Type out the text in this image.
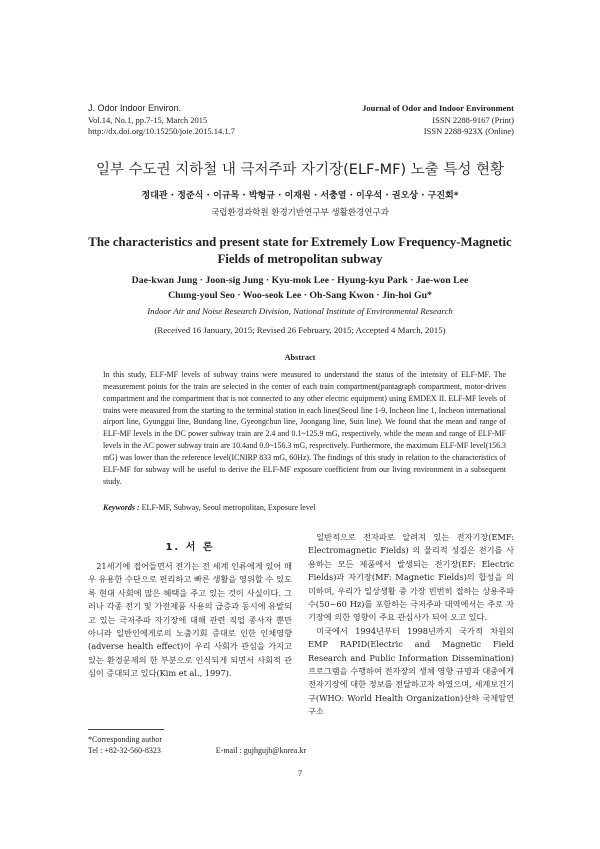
J. Odor Indoor Environ.
Vol.14, No.1, pp.7-15, March 2015
http://dx.doi.org/10.15250/joie.2015.14.1.7
Journal of Odor and Indoor Environment
ISSN 2288-9167 (Print)
ISSN 2288-923X (Online)
일부 수도권 지하철 내 극저주파 자기장(ELF-MF) 노출 특성 현황
정대관 · 정준식 · 이규목 · 박형규 · 이재원 · 서충열 · 이우석 · 권오상 · 구진회*
국립환경과학원 환경기반연구부 생활환경연구과
The characteristics and present state for Extremely Low Frequency-Magnetic
Fields of metropolitan subway
Dae-kwan Jung · Joon-sig Jung · Kyu-mok Lee · Hyung-kyu Park · Jae-won Lee
Chung-youl Seo · Woo-seok Lee · Oh-Sang Kwon · Jin-hoi Gu*
Indoor Air and Noise Research Division, National Institute of Environmental Research
(Received 16 January, 2015; Revised 26 February, 2015; Accepted 4 March, 2015)
Abstract
In this study, ELF-MF levels of subway trains were measured to understand the status of the intensity of ELF-MF. The measurement points for the train are selected in the center of each train compartment(pantagraph compartment, motor-driven compartment and the compartment that is not connected to any other electric equipment) using EMDEX II. ELF-MF levels of trains were measured from the starting to the terminal station in each lines(Seoul line 1-9, Incheon line 1, Incheon international airport line, Gyunggui line, Bundang line, Gyeongchun line, Joongang line, Suin line). We found that the mean and range of ELF-MF levels in the DC power subway train are 2.4 and 0.1~125.9 mG, respectively, while the mean and range of ELF-MF levels in the AC power subway train are 10.4and 0.0~156.3 mG, respectively. Furthermore, the maximum ELF-MF level(156.3 mG) was lower than the reference level(ICNIRP 833 mG, 60Hz). The findings of this study in relation to the characteristics of ELF-MF for subway will be useful to derive the ELF-MF exposure coefficient from our living environment in a subsequent study.
Keywords : ELF-MF, Subway, Seoul metropolitan, Exposure level
1. 서 론
21세기에 접어들면서 전기는 전 세계 인류에게 있어 매우 유용한 수단으로 편리하고 빠른 생활을 영위할 수 있도록 현대 사회에 많은 혜택을 주고 있는 것이 사실이다. 그러나 각종 전기 및 가전제품 사용의 급증과 동시에 유발되고 있는 극저주파 자기장에 대해 관련 직업 종사자 뿐만 아니라 일반인에게로의 노출기회 증대로 인한 인체영향(adverse health effect)이 우리 사회가 관심을 가지고 있는 환경문제의 한 부분으로 인식되게 되면서 사회적 관심이 증대되고 있다(Kim et al., 1997).
일반적으로 전자파로 알려져 있는 전자기장(EMF: Electromagnetic Fields) 의 물리적 성질은 전기를 사용하는 모든 제품에서 발생되는 전기장(EF: Electric Fields)과 자기장(MF: Magnetic Fields)의 합성을 의미하며, 우리가 일상생활 중 가장 빈번히 접하는 상용주파수(50~60 Hz)를 포함하는 극저주파 대역에서는 주로 자기장에 의한 영향이 주요 관심사가 되어 오고 있다.
미국에서 1994년부터 1998년까지 국가적 차원의 EMP RAPID(Electric and Magnetic Field Research and Public Information Dissemination) 프로그램을 수행하여 전자장의 생체 영향 규명과 대중에게 전자기장에 대한 정보를 전달하고자 하였으며, 세계보건기구(WHO: World Health Organization)산하 국제암연구소
*Corresponding author
Tel : +82-32-560-8323	E-mail : gujhgujh@korea.kr
7
